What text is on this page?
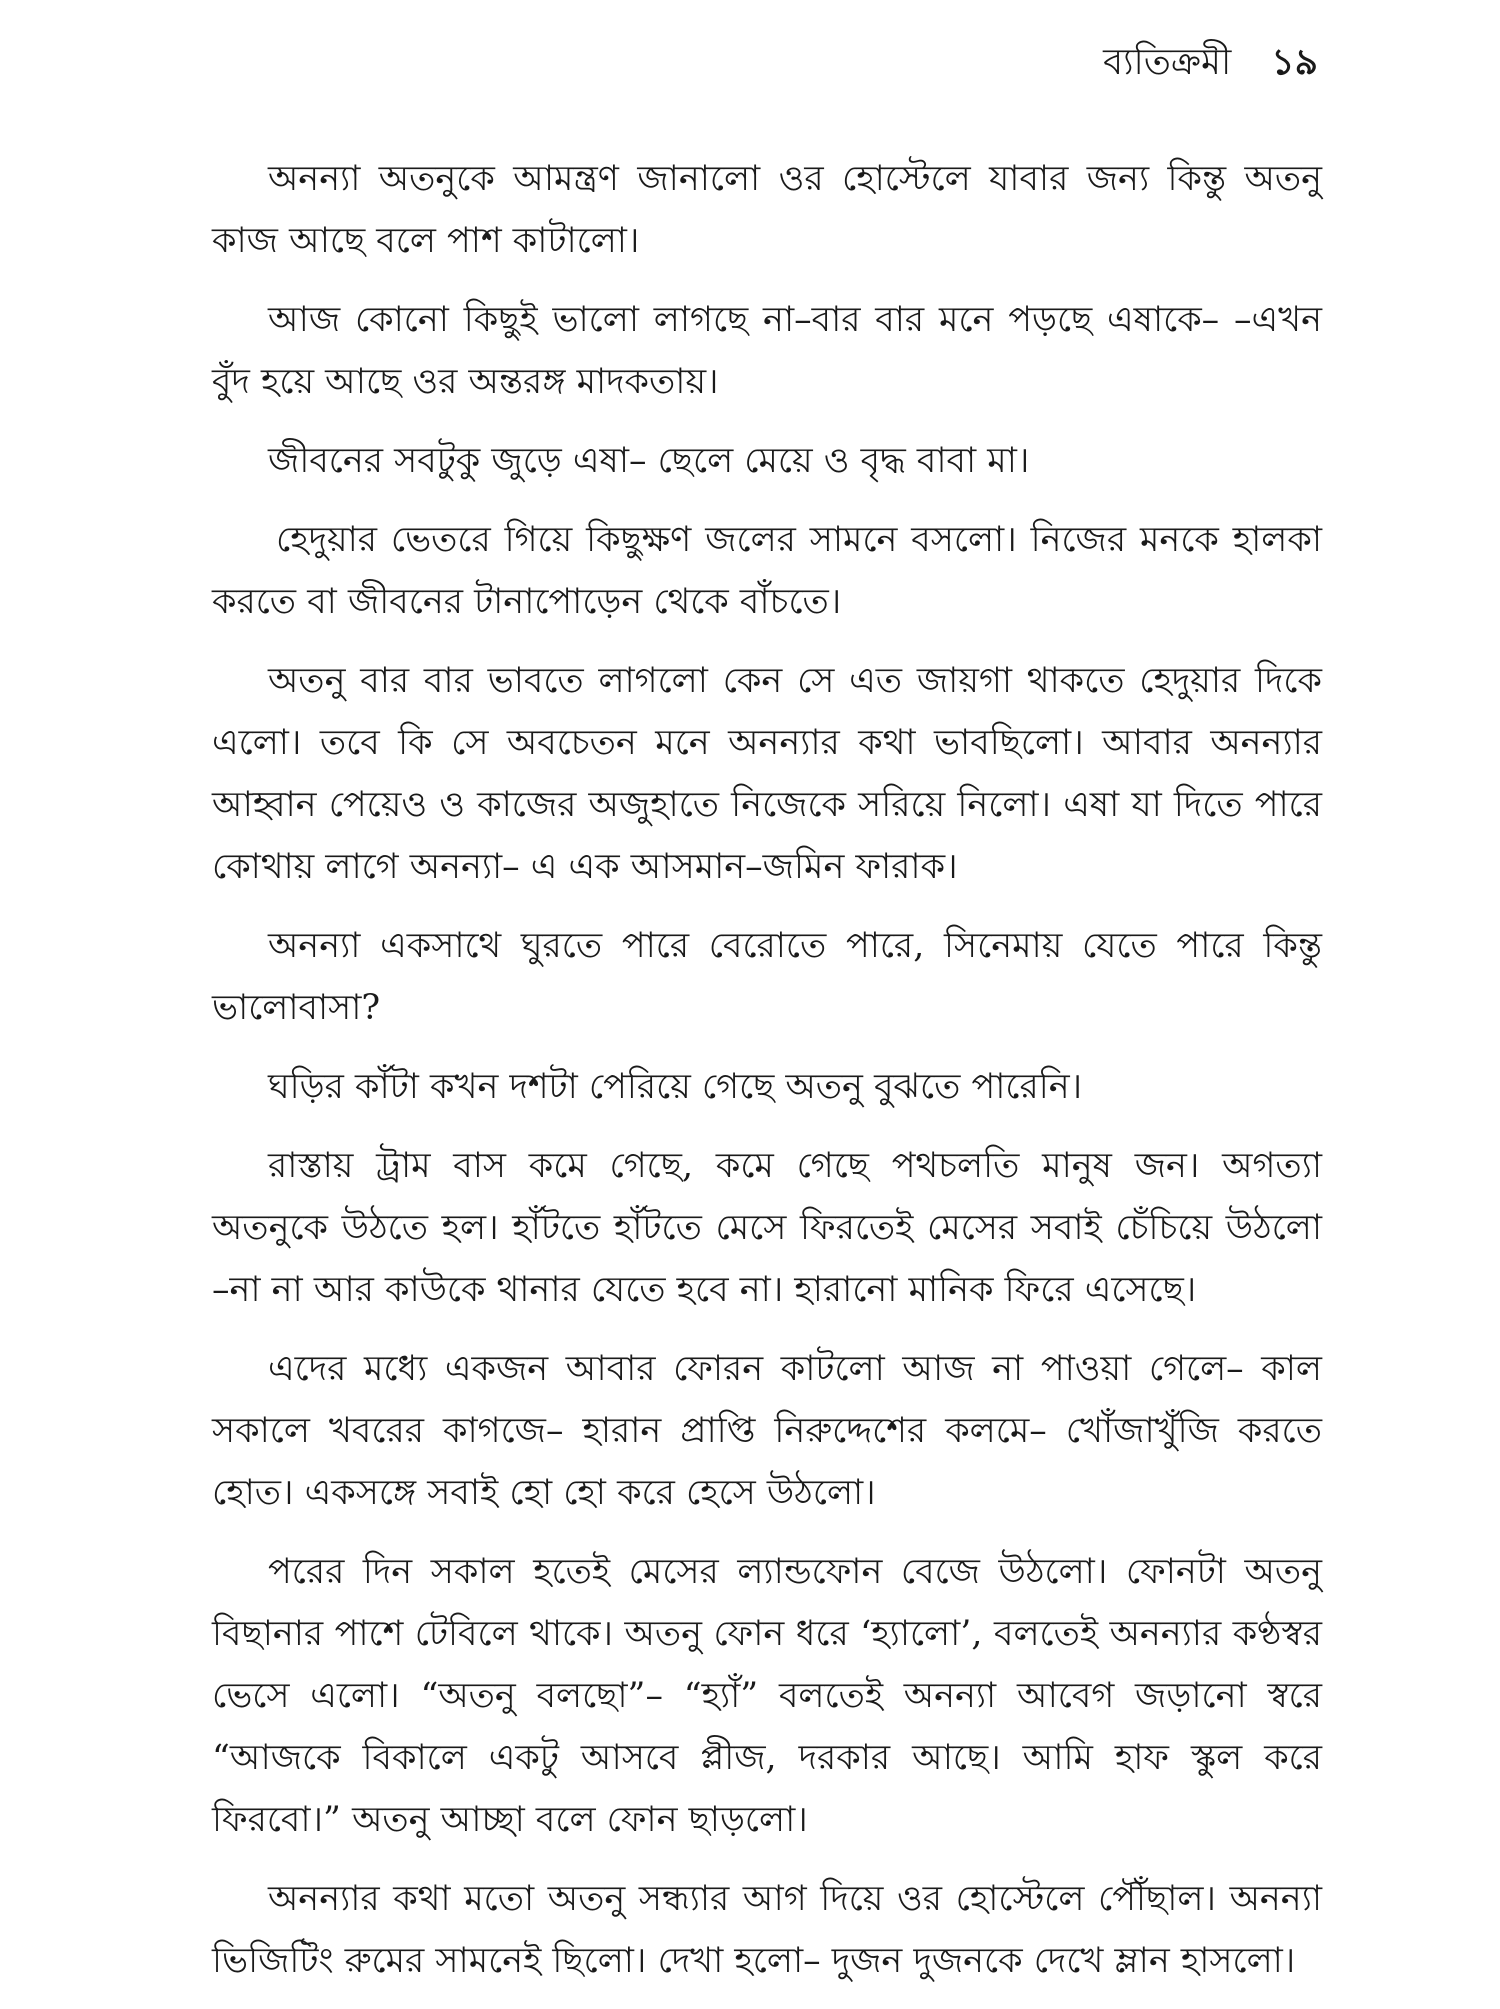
ব্যতিক্রমী ১৯

অনন্যা অতনুকে আমন্ত্রণ জানালো ওর হোস্টেলে যাবার জন্য কিন্তু অতনু কাজ আছে বলে পাশ কাটালো।

আজ কোনো কিছুই ভালো লাগছে না–বার বার মনে পড়ছে এষাকে– –এখন বুঁদ হয়ে আছে ওর অন্তরঙ্গ মাদকতায়।

জীবনের সবটুকু জুড়ে এষা– ছেলে মেয়ে ও বৃদ্ধ বাবা মা।

হেদুয়ার ভেতরে গিয়ে কিছুক্ষণ জলের সামনে বসলো। নিজের মনকে হালকা করতে বা জীবনের টানাপোড়েন থেকে বাঁচতে।

অতনু বার বার ভাবতে লাগলো কেন সে এত জায়গা থাকতে হেদুয়ার দিকে এলো। তবে কি সে অবচেতন মনে অনন্যার কথা ভাবছিলো। আবার অনন্যার আহ্বান পেয়েও ও কাজের অজুহাতে নিজেকে সরিয়ে নিলো। এষা যা দিতে পারে কোথায় লাগে অনন্যা– এ এক আসমান–জমিন ফারাক।

অনন্যা একসাথে ঘুরতে পারে বেরোতে পারে, সিনেমায় যেতে পারে কিন্তু ভালোবাসা?

ঘড়ির কাঁটা কখন দশটা পেরিয়ে গেছে অতনু বুঝতে পারেনি।

রাস্তায় ট্রাম বাস কমে গেছে, কমে গেছে পথচলতি মানুষ জন। অগত্যা অতনুকে উঠতে হল। হাঁটতে হাঁটতে মেসে ফিরতেই মেসের সবাই চেঁচিয়ে উঠলো –না না আর কাউকে থানার যেতে হবে না। হারানো মানিক ফিরে এসেছে।

এদের মধ্যে একজন আবার ফোরন কাটলো আজ না পাওয়া গেলে– কাল সকালে খবরের কাগজে– হারান প্রাপ্তি নিরুদ্দেশের কলমে– খোঁজাখুঁজি করতে হোত। একসঙ্গে সবাই হো হো করে হেসে উঠলো।

পরের দিন সকাল হতেই মেসের ল্যান্ডফোন বেজে উঠলো। ফোনটা অতনু বিছানার পাশে টেবিলে থাকে। অতনু ফোন ধরে ‘হ্যালো’, বলতেই অনন্যার কণ্ঠস্বর ভেসে এলো। “অতনু বলছো”– “হ্যাঁ” বলতেই অনন্যা আবেগ জড়ানো স্বরে “আজকে বিকালে একটু আসবে প্লীজ, দরকার আছে। আমি হাফ স্কুল করে ফিরবো।” অতনু আচ্ছা বলে ফোন ছাড়লো।

অনন্যার কথা মতো অতনু সন্ধ্যার আগ দিয়ে ওর হোস্টেলে পৌঁছাল। অনন্যা ভিজিটিং রুমের সামনেই ছিলো। দেখা হলো– দুজন দুজনকে দেখে ম্লান হাসলো।
